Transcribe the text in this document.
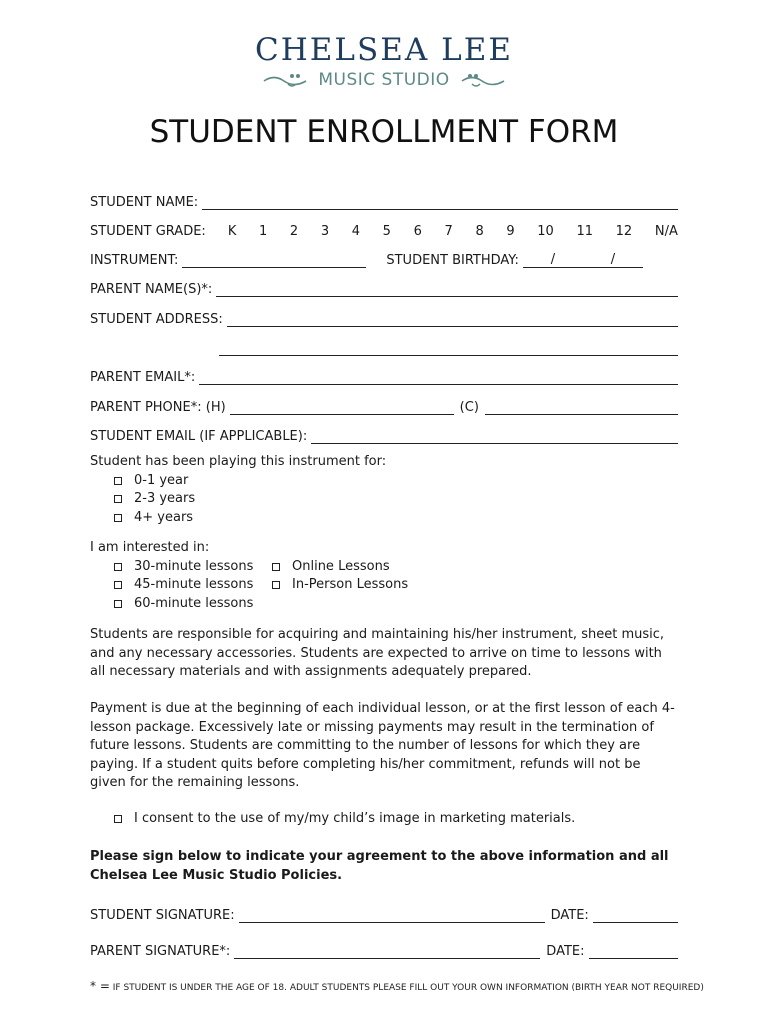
CHELSEA LEE
MUSIC STUDIO
STUDENT ENROLLMENT FORM
STUDENT NAME:
STUDENT GRADE: K 1 2 3 4 5 6 7 8 9 10 11 12 N/A
INSTRUMENT:	STUDENT BIRTHDAY: /	/
PARENT NAME(S)*:
STUDENT ADDRESS:
PARENT EMAIL*:
PARENT PHONE*: (H)	(C)
STUDENT EMAIL (IF APPLICABLE):
Student has been playing this instrument for:
0-1 year
2-3 years
4+ years
I am interested in:
30-minute lessons	Online Lessons
45-minute lessons	In-Person Lessons
60-minute lessons
Students are responsible for acquiring and maintaining his/her instrument, sheet music, and any necessary accessories. Students are expected to arrive on time to lessons with all necessary materials and with assignments adequately prepared.
Payment is due at the beginning of each individual lesson, or at the first lesson of each 4-lesson package. Excessively late or missing payments may result in the termination of future lessons. Students are committing to the number of lessons for which they are paying. If a student quits before completing his/her commitment, refunds will not be given for the remaining lessons.
I consent to the use of my/my child’s image in marketing materials.
Please sign below to indicate your agreement to the above information and all Chelsea Lee Music Studio Policies.
STUDENT SIGNATURE:	DATE:
PARENT SIGNATURE*:	DATE:
* = IF STUDENT IS UNDER THE AGE OF 18. ADULT STUDENTS PLEASE FILL OUT YOUR OWN INFORMATION (BIRTH YEAR NOT REQUIRED)
